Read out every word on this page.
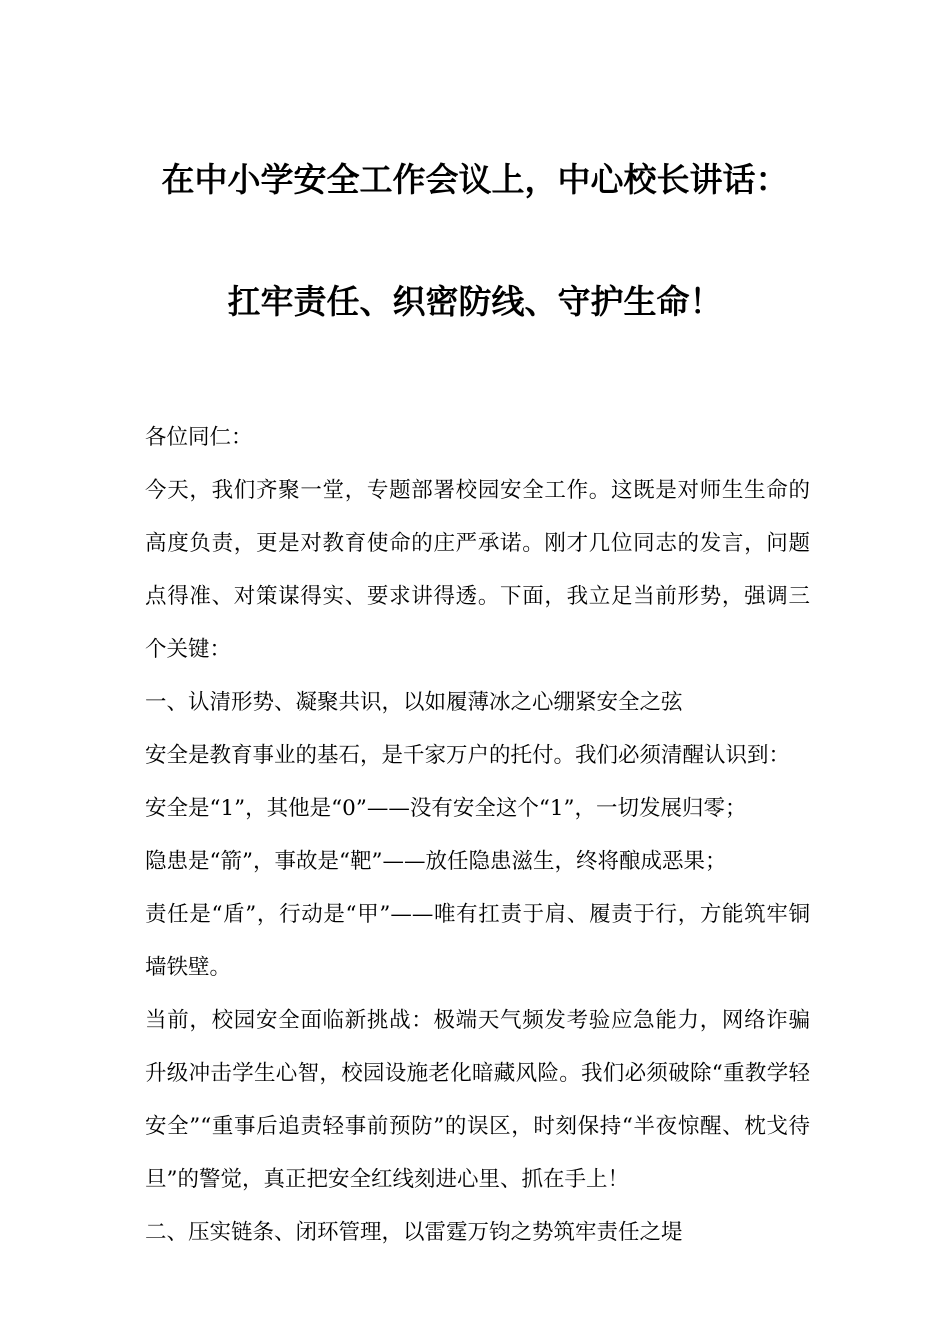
在中小学安全工作会议上，中心校长讲话：
扛牢责任、织密防线、守护生命！

各位同仁：

今天，我们齐聚一堂，专题部署校园安全工作。这既是对师生生命的高度负责，更是对教育使命的庄严承诺。刚才几位同志的发言，问题点得准、对策谋得实、要求讲得透。下面，我立足当前形势，强调三个关键：

一、认清形势、凝聚共识，以如履薄冰之心绷紧安全之弦

安全是教育事业的基石，是千家万户的托付。我们必须清醒认识到：

安全是“1”，其他是“0”——没有安全这个“1”，一切发展归零；

隐患是“箭”，事故是“靶”——放任隐患滋生，终将酿成恶果；

责任是“盾”，行动是“甲”——唯有扛责于肩、履责于行，方能筑牢铜墙铁壁。

当前，校园安全面临新挑战：极端天气频发考验应急能力，网络诈骗升级冲击学生心智，校园设施老化暗藏风险。我们必须破除“重教学轻安全”“重事后追责轻事前预防”的误区，时刻保持“半夜惊醒、枕戈待旦”的警觉，真正把安全红线刻进心里、抓在手上！

二、压实链条、闭环管理，以雷霆万钧之势筑牢责任之堤
